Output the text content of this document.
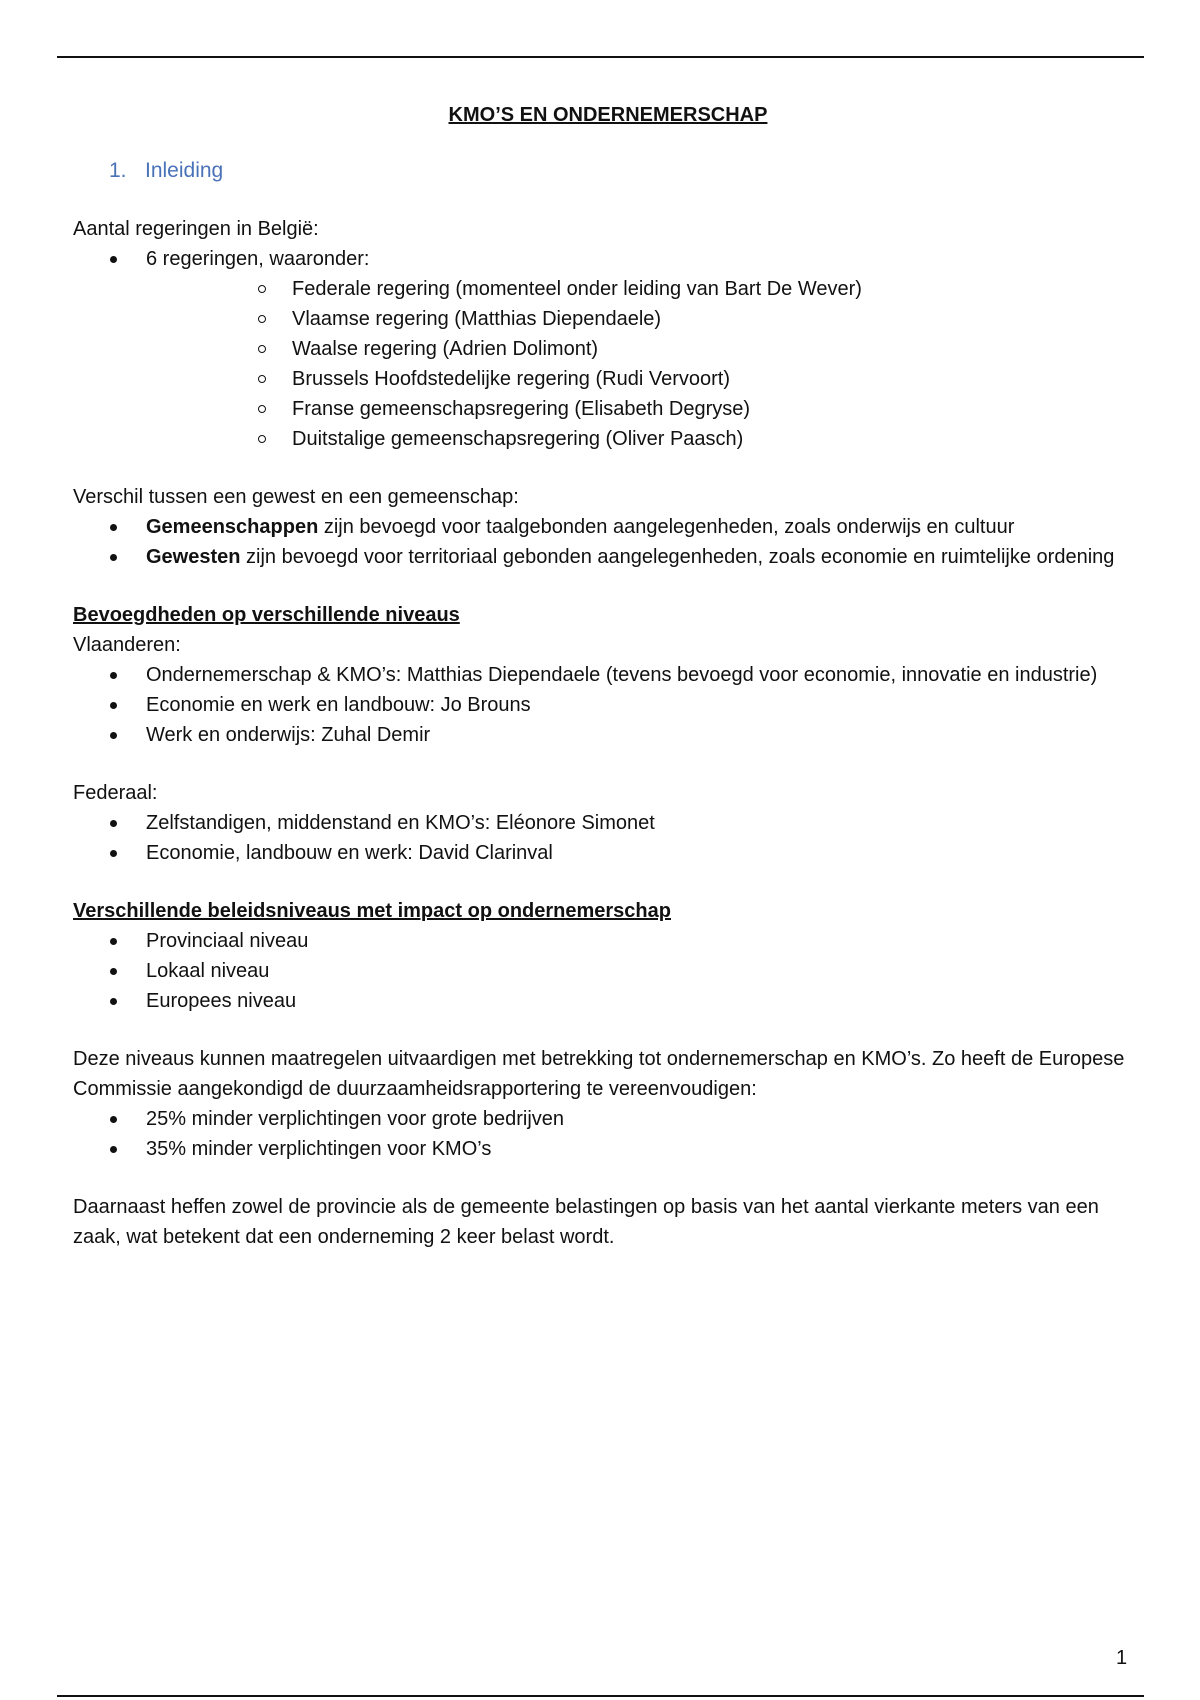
KMO’S EN ONDERNEMERSCHAP
1. Inleiding

Aantal regeringen in België:

6 regeringen, waaronder:
Federale regering (momenteel onder leiding van Bart De Wever)
Vlaamse regering (Matthias Diependaele)
Waalse regering (Adrien Dolimont)
Brussels Hoofdstedelijke regering (Rudi Vervoort)
Franse gemeenschapsregering (Elisabeth Degryse)
Duitstalige gemeenschapsregering (Oliver Paasch)

Verschil tussen een gewest en een gemeenschap:

Gemeenschappen zijn bevoegd voor taalgebonden aangelegenheden, zoals onderwijs en cultuur
Gewesten zijn bevoegd voor territoriaal gebonden aangelegenheden, zoals economie en ruimtelijke ordening

Bevoegdheden op verschillende niveaus

Vlaanderen:

Ondernemerschap & KMO’s: Matthias Diependaele (tevens bevoegd voor economie, innovatie en industrie)
Economie en werk en landbouw: Jo Brouns
Werk en onderwijs: Zuhal Demir

Federaal:

Zelfstandigen, middenstand en KMO’s: Eléonore Simonet
Economie, landbouw en werk: David Clarinval

Verschillende beleidsniveaus met impact op ondernemerschap

Provinciaal niveau
Lokaal niveau
Europees niveau

Deze niveaus kunnen maatregelen uitvaardigen met betrekking tot ondernemerschap en KMO’s. Zo heeft de Europese Commissie aangekondigd de duurzaamheidsrapportering te vereenvoudigen:

25% minder verplichtingen voor grote bedrijven
35% minder verplichtingen voor KMO’s

Daarnaast heffen zowel de provincie als de gemeente belastingen op basis van het aantal vierkante meters van een zaak, wat betekent dat een onderneming 2 keer belast wordt.

1
